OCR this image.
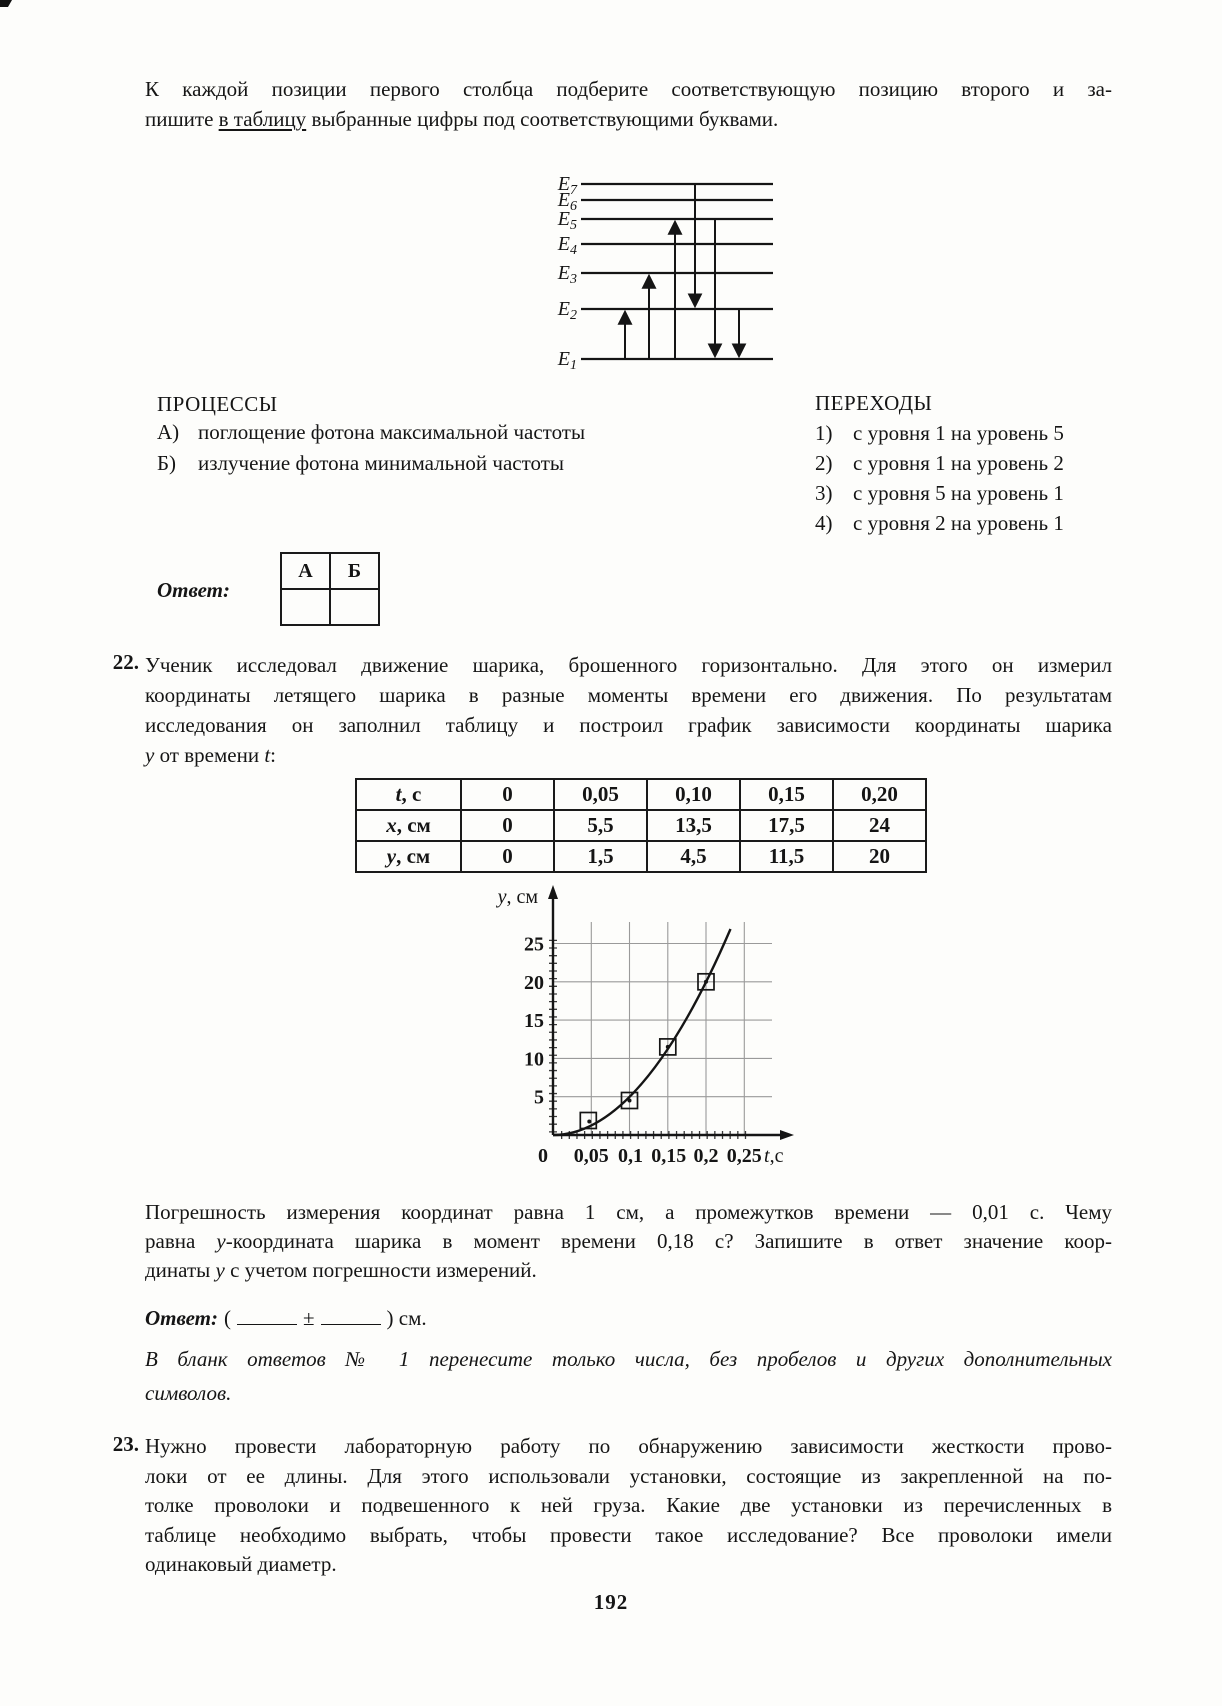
К каждой позиции первого столбца подберите соответствующую позицию второго и за-
пишите в таблицу выбранные цифры под соответствующими буквами.
$E_7$
$E_6$
$E_5$
$E_4$
$E_3$
$E_2$
$E_1$
ПРОЦЕССЫ
А) поглощение фотона максимальной частоты
Б)	излучение фотона минимальной частоты
ПЕРЕХОДЫ
1) с уровня 1 на уровень 5
2) с уровня 1 на уровень 2
3) с уровня 5 на уровень 1
4) с уровня 2 на уровень 1
Ответ:
А	Б

22. Ученик исследовал движение шарика, брошенного горизонтально. Для этого он измерил
координаты летящего шарика в разные моменты времени его движения. По результатам
исследования он заполнил таблицу и построил график зависимости координаты шарика
y от времени t:
t, с	0	0,05	0,10	0,15	0,20
x, см	0	5,5	13,5	17,5	24
y, см	0	1,5	4,5	11,5	20
5
10
15
20
25
0 0,05 0,1 0,15 0,2 0,25
y, см
t,с
Погрешность измерения координат равна 1 см, а промежутков времени — 0,01 с. Чему
равна y-координата шарика в момент времени 0,18 с? Запишите в ответ значение коор-
динаты y с учетом погрешности измерений.
Ответ: (	±	) см.
В бланк ответов № 1 перенесите только числа, без пробелов и других дополнительных
символов.
23. Нужно провести лабораторную работу по обнаружению зависимости жесткости прово-
локи от ее длины. Для этого использовали установки, состоящие из закрепленной на по-
толке проволоки и подвешенного к ней груза. Какие две установки из перечисленных в
таблице необходимо выбрать, чтобы провести такое исследование? Все проволоки имели
одинаковый диаметр.
192
